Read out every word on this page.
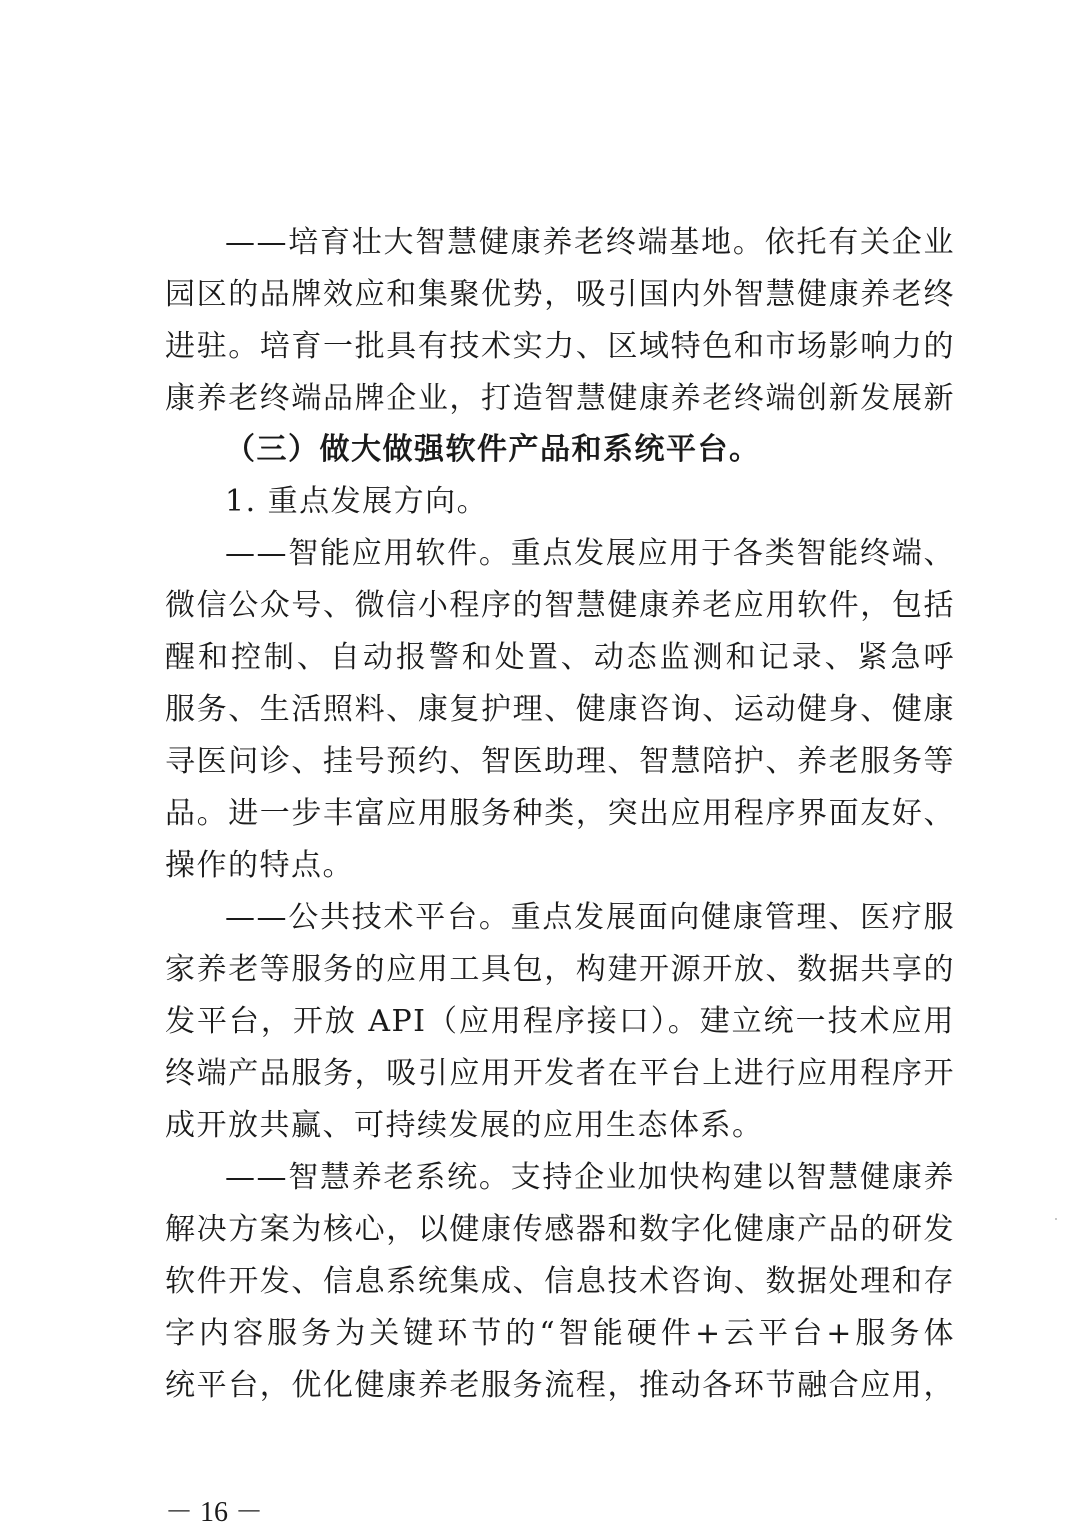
——培育壮大智慧健康养老终端基地。依托有关企业
园区的品牌效应和集聚优势，吸引国内外智慧健康养老终
进驻。培育一批具有技术实力、区域特色和市场影响力的
康养老终端品牌企业，打造智慧健康养老终端创新发展新
（三）做大做强软件产品和系统平台。
1. 重点发展方向。
——智能应用软件。重点发展应用于各类智能终端、
微信公众号、微信小程序的智慧健康养老应用软件，包括
醒和控制、自动报警和处置、动态监测和记录、紧急呼
服务、生活照料、康复护理、健康咨询、运动健身、健康
寻医问诊、挂号预约、智医助理、智慧陪护、养老服务等
品。进一步丰富应用服务种类，突出应用程序界面友好、
操作的特点。
——公共技术平台。重点发展面向健康管理、医疗服
家养老等服务的应用工具包，构建开源开放、数据共享的
发平台，开放 API（应用程序接口）。建立统一技术应用
终端产品服务，吸引应用开发者在平台上进行应用程序开
成开放共赢、可持续发展的应用生态体系。
——智慧养老系统。支持企业加快构建以智慧健康养
解决方案为核心，以健康传感器和数字化健康产品的研发
软件开发、信息系统集成、信息技术咨询、数据处理和存
字内容服务为关键环节的“智能硬件+云平台+服务体
统平台，优化健康养老服务流程，推动各环节融合应用，
－ 16 －
